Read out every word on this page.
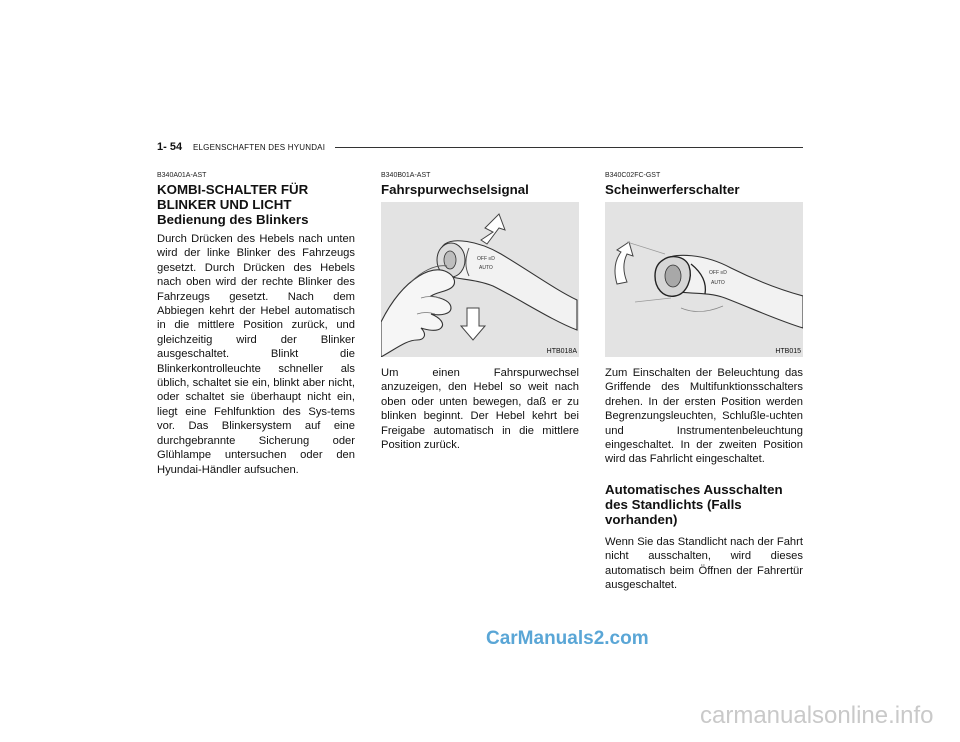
1- 54 ELGENSCHAFTEN DES HYUNDAI
B340A01A-AST
KOMBI-SCHALTER FÜR BLINKER UND LICHT
Bedienung des Blinkers

Durch Drücken des Hebels nach unten wird der linke Blinker des Fahrzeugs gesetzt. Durch Drücken des Hebels nach oben wird der rechte Blinker des Fahrzeugs gesetzt. Nach dem Abbiegen kehrt der Hebel automatisch in die mittlere Position zurück, und gleichzeitig wird der Blinker ausgeschaltet. Blinkt die Blinkerkontrolleuchte schneller als üblich, schaltet sie ein, blinkt aber nicht, oder schaltet sie überhaupt nicht ein, liegt eine Fehlfunktion des Sys-tems vor. Das Blinkersystem auf eine durchgebrannte Sicherung oder Glühlampe untersuchen oder den Hyundai-Händler aufsuchen.

B340B01A-AST
Fahrspurwechselsignal
OFF ≡D
AUTO
HTB018A

Um einen Fahrspurwechsel anzuzeigen, den Hebel so weit nach oben oder unten bewegen, daß er zu blinken beginnt. Der Hebel kehrt bei Freigabe automatisch in die mittlere Position zurück.

B340C02FC-GST
Scheinwerferschalter
OFF ≡D
AUTO
HTB015

Zum Einschalten der Beleuchtung das Griffende des Multifunktionsschalters drehen. In der ersten Position werden Begrenzungsleuchten, Schlußle-uchten und Instrumentenbeleuchtung eingeschaltet. In der zweiten Position wird das Fahrlicht eingeschaltet.

Automatisches Ausschalten des Standlichts (Falls vorhanden)

Wenn Sie das Standlicht nach der Fahrt nicht ausschalten, wird dieses automatisch beim Öffnen der Fahrertür ausgeschaltet.

CarManuals2.com
carmanualsonline.info
